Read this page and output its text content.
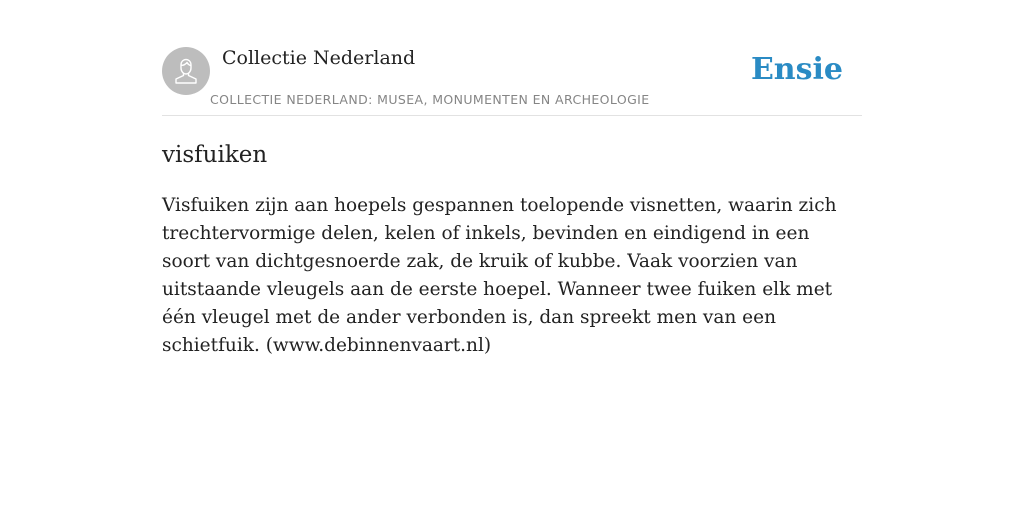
Collectie Nederland
COLLECTIE NEDERLAND: MUSEA, MONUMENTEN EN ARCHEOLOGIE
Ensie
visfuiken

Visfuiken zijn aan hoepels gespannen toelopende visnetten, waarin zich trechtervormige delen, kelen of inkels, bevinden en eindigend in een soort van dichtgesnoerde zak, de kruik of kubbe. Vaak voorzien van uitstaande vleugels aan de eerste hoepel. Wanneer twee fuiken elk met één vleugel met de ander verbonden is, dan spreekt men van een schietfuik. (www.debinnenvaart.nl)
